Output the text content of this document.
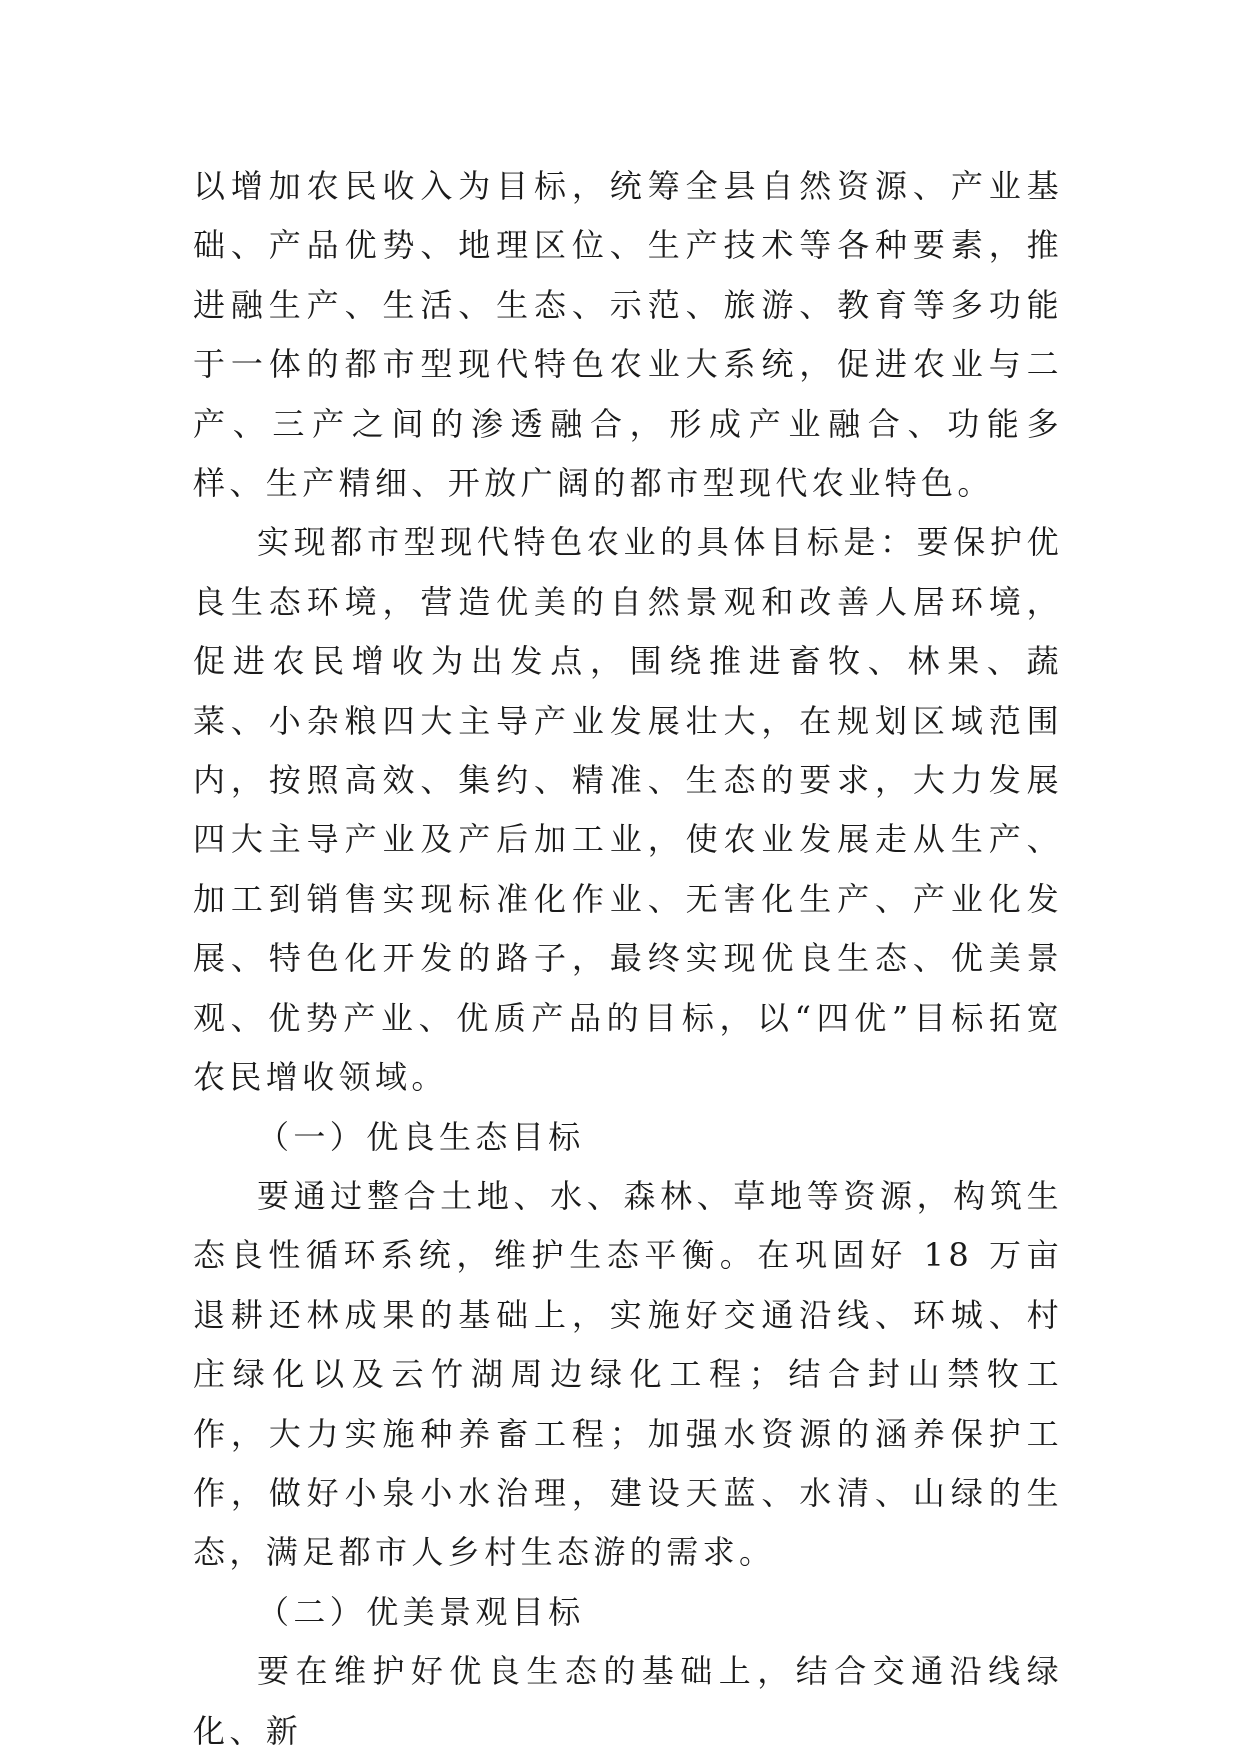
以增加农民收入为目标，统筹全县自然资源、产业基础、产品优势、地理区位、生产技术等各种要素，推进融生产、生活、生态、示范、旅游、教育等多功能于一体的都市型现代特色农业大系统，促进农业与二产、三产之间的渗透融合，形成产业融合、功能多样、生产精细、开放广阔的都市型现代农业特色。

实现都市型现代特色农业的具体目标是：要保护优良生态环境，营造优美的自然景观和改善人居环境，促进农民增收为出发点，围绕推进畜牧、林果、蔬菜、小杂粮四大主导产业发展壮大，在规划区域范围内，按照高效、集约、精准、生态的要求，大力发展四大主导产业及产后加工业，使农业发展走从生产、加工到销售实现标准化作业、无害化生产、产业化发展、特色化开发的路子，最终实现优良生态、优美景观、优势产业、优质产品的目标，以“四优”目标拓宽农民增收领域。

（一）优良生态目标

要通过整合土地、水、森林、草地等资源，构筑生态良性循环系统，维护生态平衡。在巩固好 18 万亩退耕还林成果的基础上，实施好交通沿线、环城、村庄绿化以及云竹湖周边绿化工程；结合封山禁牧工作，大力实施种养畜工程；加强水资源的涵养保护工作，做好小泉小水治理，建设天蓝、水清、山绿的生态，满足都市人乡村生态游的需求。

（二）优美景观目标

要在维护好优良生态的基础上，结合交通沿线绿化、新
